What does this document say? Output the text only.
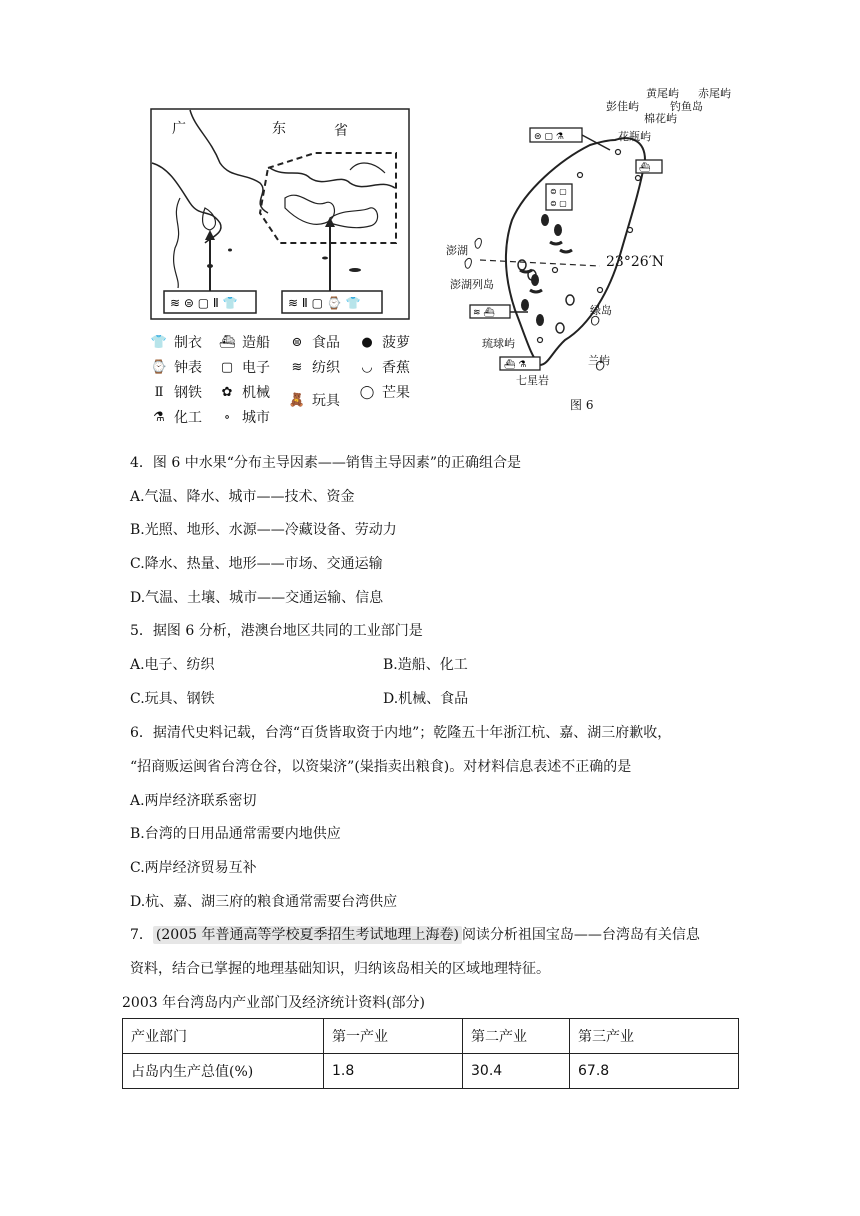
≋ ⊜ ▢ Ⅱ 👕	≋ Ⅱ ▢ ⌚ 👕
广	东	省
👕 制衣 ⛴ 造船 ⊜ 食品 ● 菠萝
⌚ 钟表 ▢ 电子 ≋ 纺织 ◡ 香蕉
Ⅱ 钢铁 ✿ 机械 🧸 玩具
◯ 芒果
⚗ 化工	∘ 城市
⊜ ▢ ⚗
⛴
⊜ ▢
⊜ ▢
≋ ⛴
⛴ ⚗
黄尾屿 赤尾屿
彭佳屿	钓鱼岛
棉花屿
花瓶屿
澎湖
澎湖列岛
绿岛
琉球屿
兰屿
七星岩
23°26′N
图 6
4．图 6 中水果“分布主导因素——销售主导因素”的正确组合是
A.气温、降水、城市——技术、资金
B.光照、地形、水源——冷藏设备、劳动力
C.降水、热量、地形——市场、交通运输
D.气温、土壤、城市——交通运输、信息
5．据图 6 分析，港澳台地区共同的工业部门是
A.电子、纺织	B.造船、化工
C.玩具、钢铁	D.机械、食品
6．据清代史料记载，台湾“百货皆取资于内地”；乾隆五十年浙江杭、嘉、湖三府歉收，
“招商贩运闽省台湾仓谷，以资粜济”(粜指卖出粮食)。对材料信息表述不正确的是
A.两岸经济联系密切
B.台湾的日用品通常需要内地供应
C.两岸经济贸易互补
D.杭、嘉、湖三府的粮食通常需要台湾供应
7． (2005 年普通高等学校夏季招生考试地理上海卷) 阅读分析祖国宝岛——台湾岛有关信息
资料，结合已掌握的地理基础知识，归纳该岛相关的区域地理特征。
2003 年台湾岛内产业部门及经济统计资料(部分)
产业部门	第一产业	第二产业	第三产业
占岛内生产总值(%)	1.8	30.4	67.8
